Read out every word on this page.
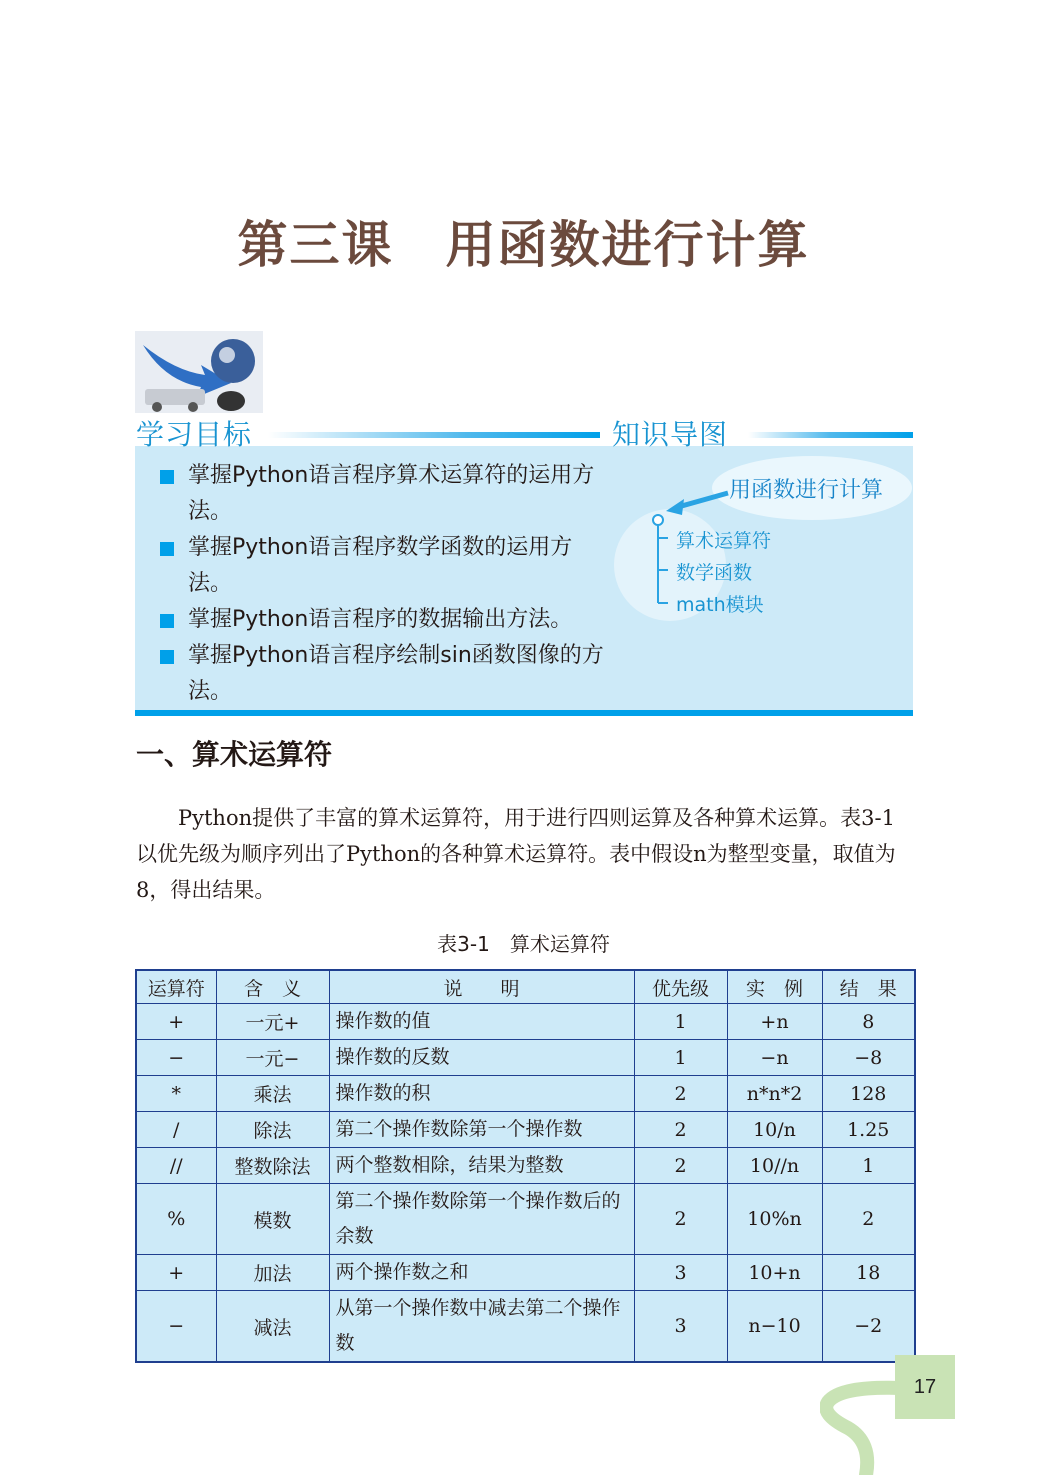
第三课　用函数进行计算
学习目标	知识导图
掌握Python语言程序算术运算符的运用方法。
掌握Python语言程序数学函数的运用方法。
掌握Python语言程序的数据输出方法。
掌握Python语言程序绘制sin函数图像的方法。
用函数进行计算
算术运算符
数学函数
math模块
一、算术运算符

Python提供了丰富的算术运算符，用于进行四则运算及各种算术运算。表3-1以优先级为顺序列出了Python的各种算术运算符。表中假设n为整型变量，取值为8，得出结果。

表3-1　算术运算符
运算符	含　义	说　　明	优先级	实　例	结　果
+	一元+	操作数的值	1	+n	8
−	一元−	操作数的反数	1	−n	−8
*	乘法	操作数的积	2	n*n*2	128
/	除法	第二个操作数除第一个操作数	2	10/n	1.25
//	整数除法	两个整数相除，结果为整数	2	10//n	1
%	模数	第二个操作数除第一个操作数后的余数	2	10%n	2
+	加法	两个操作数之和	3	10+n	18
−	减法	从第一个操作数中减去第二个操作数	3	n−10	−2
17
